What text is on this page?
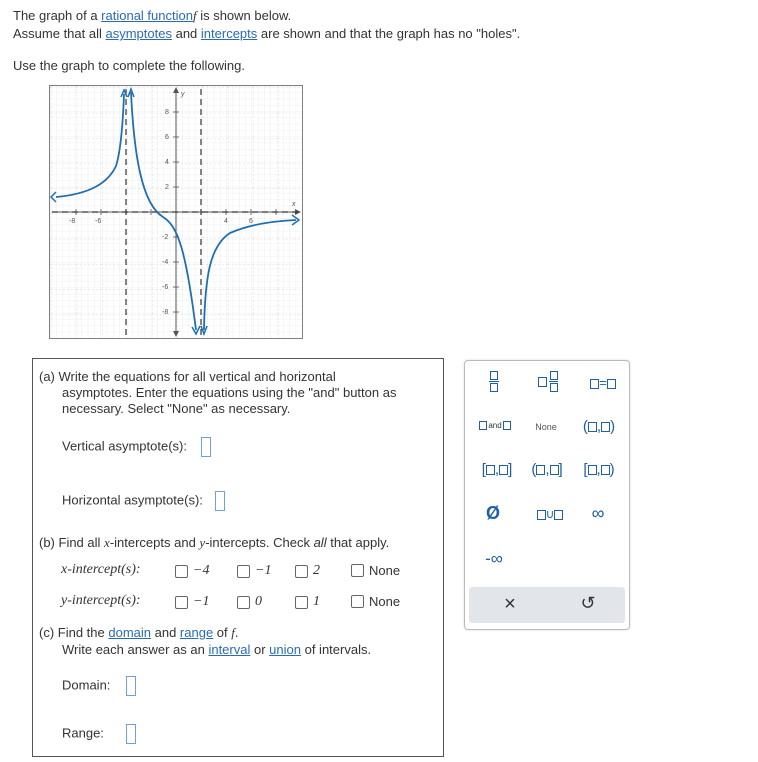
The graph of a rational functionf is shown below.
Assume that all asymptotes and intercepts are shown and that the graph has no "holes".
Use the graph to complete the following.
-8	-6	4	6
8
6
4
2
-2
-4
-6
-8
y
x
(a) Write the equations for all vertical and horizontal
asymptotes. Enter the equations using the "and" button as
necessary. Select "None" as necessary.
Vertical asymptote(s):
Horizontal asymptote(s):
(b) Find all x-intercepts and y-intercepts. Check all that apply.
x-intercept(s):	−4	−1	2	None
y-intercept(s):	−1	0	1	None
(c) Find the domain and range of f.
Write each answer as an interval or union of intervals.
Domain:
Range:
=
and	None	( , )
[ , ]	( , ]	[ , )
Ø	∪	∞
-∞
×	↺
